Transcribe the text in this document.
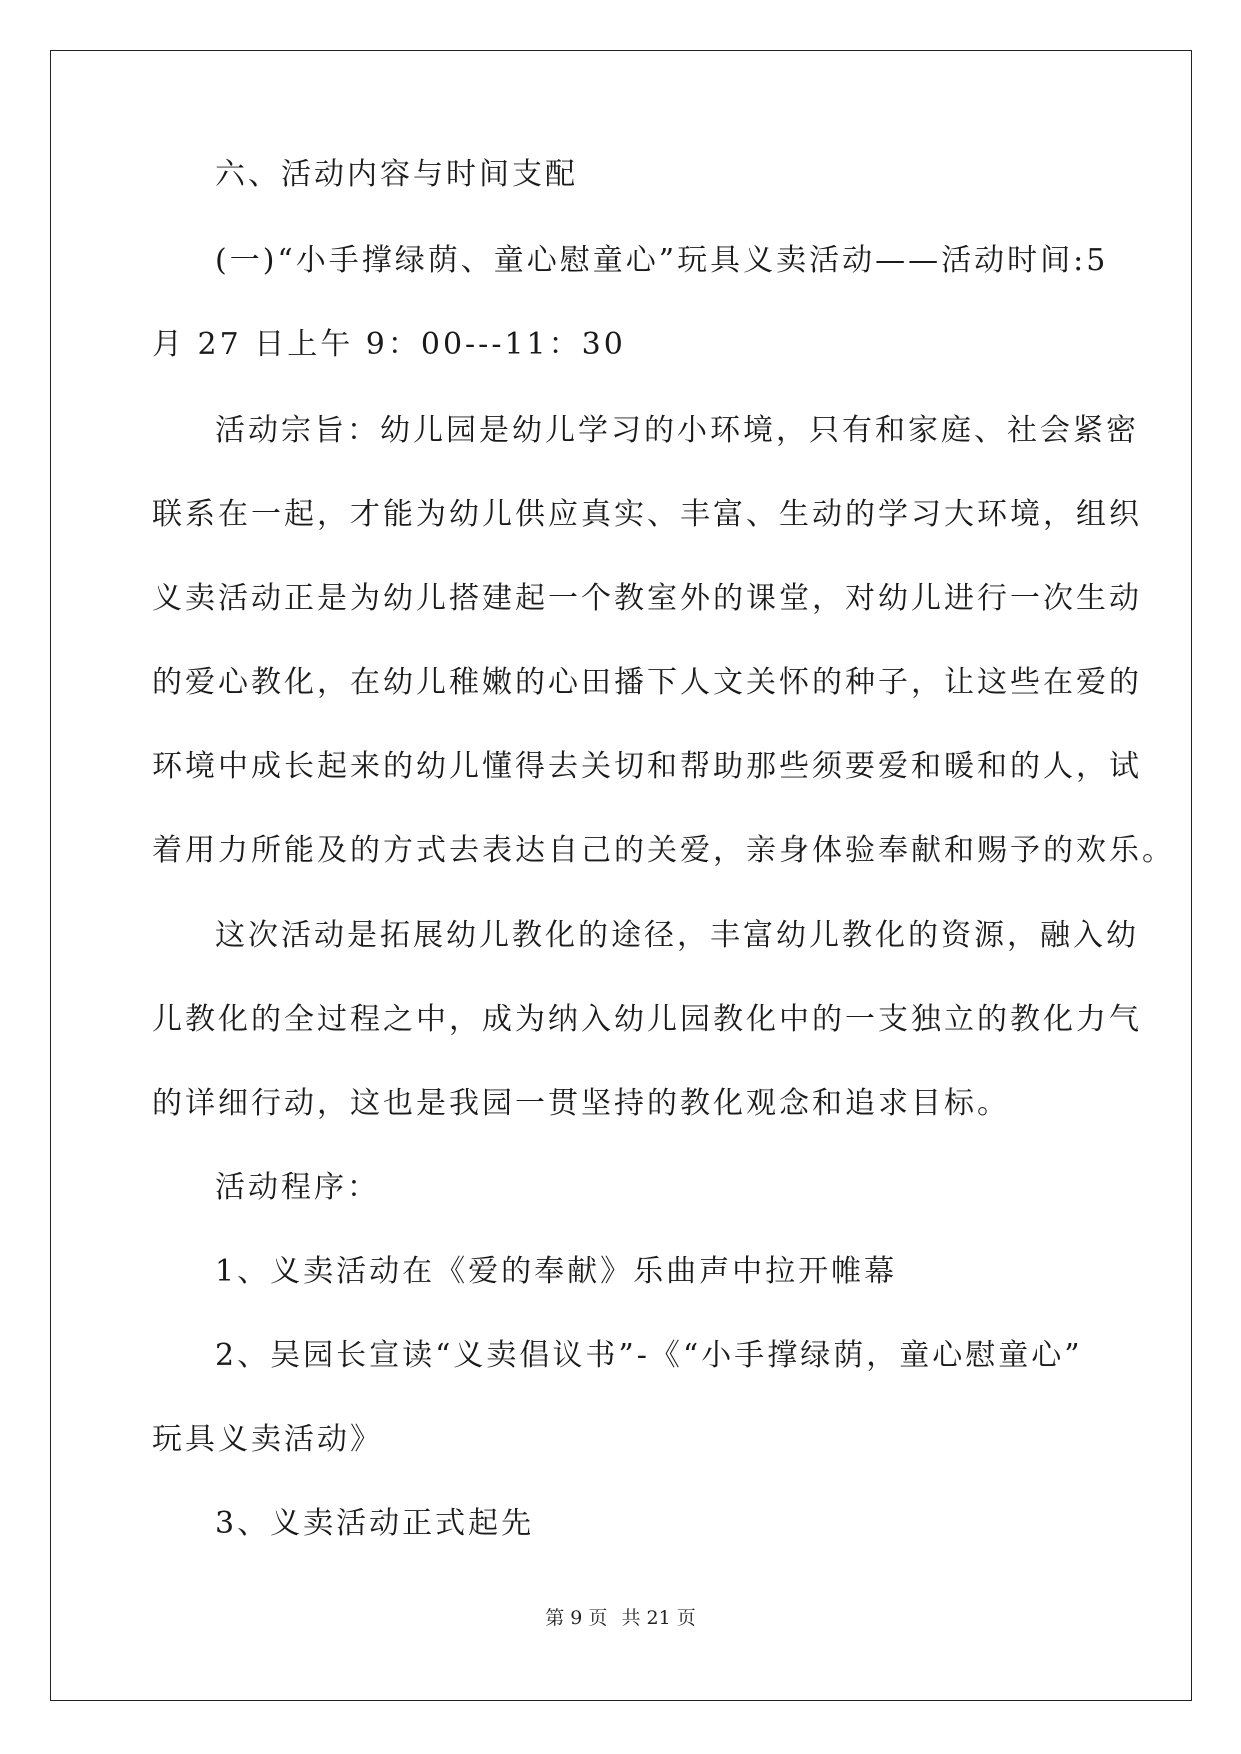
六、活动内容与时间支配
(一)“小手撑绿荫、童心慰童心”玩具义卖活动——活动时间:5
月 27 日上午 9：00---11：30
活动宗旨：幼儿园是幼儿学习的小环境，只有和家庭、社会紧密
联系在一起，才能为幼儿供应真实、丰富、生动的学习大环境，组织
义卖活动正是为幼儿搭建起一个教室外的课堂，对幼儿进行一次生动
的爱心教化，在幼儿稚嫩的心田播下人文关怀的种子，让这些在爱的
环境中成长起来的幼儿懂得去关切和帮助那些须要爱和暖和的人，试
着用力所能及的方式去表达自己的关爱，亲身体验奉献和赐予的欢乐。
这次活动是拓展幼儿教化的途径，丰富幼儿教化的资源，融入幼
儿教化的全过程之中，成为纳入幼儿园教化中的一支独立的教化力气
的详细行动，这也是我园一贯坚持的教化观念和追求目标。
活动程序：
1、义卖活动在《爱的奉献》乐曲声中拉开帷幕
2、吴园长宣读“义卖倡议书”-《“小手撑绿荫，童心慰童心”
玩具义卖活动》
3、义卖活动正式起先
第 9 页 共 21 页
